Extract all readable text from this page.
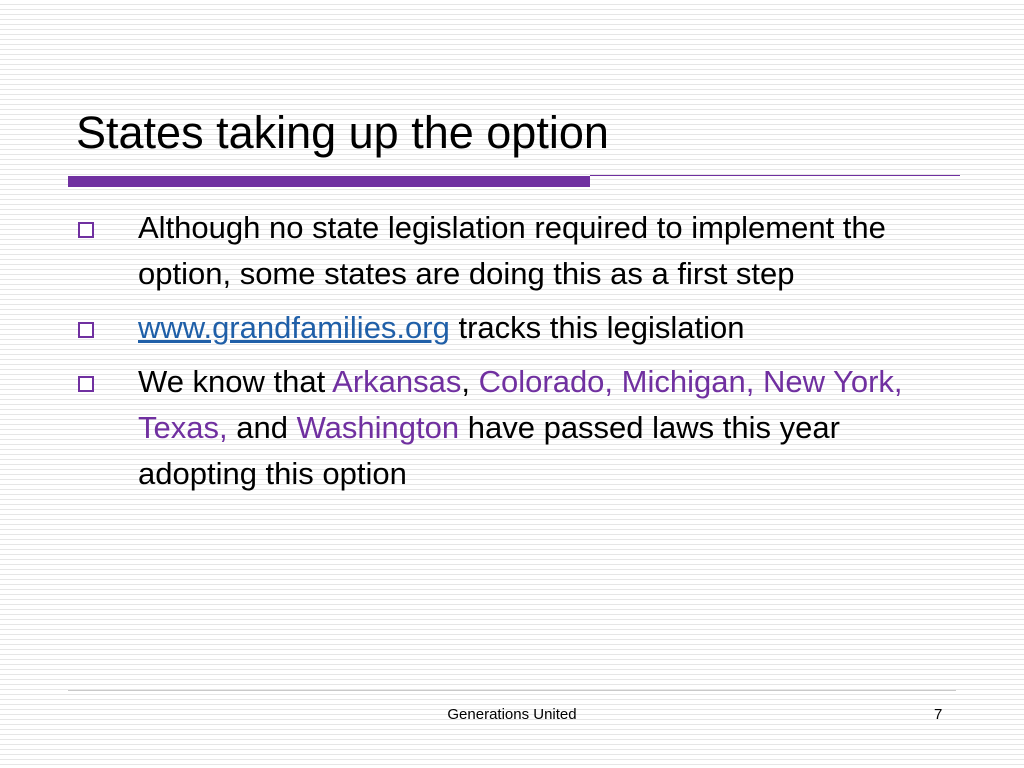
States taking up the option
Although no state legislation required to implement the option, some states are doing this as a first step
www.grandfamilies.org tracks this legislation
We know that Arkansas, Colorado, Michigan, New York, Texas, and Washington have passed laws this year adopting this option
Generations United	7
